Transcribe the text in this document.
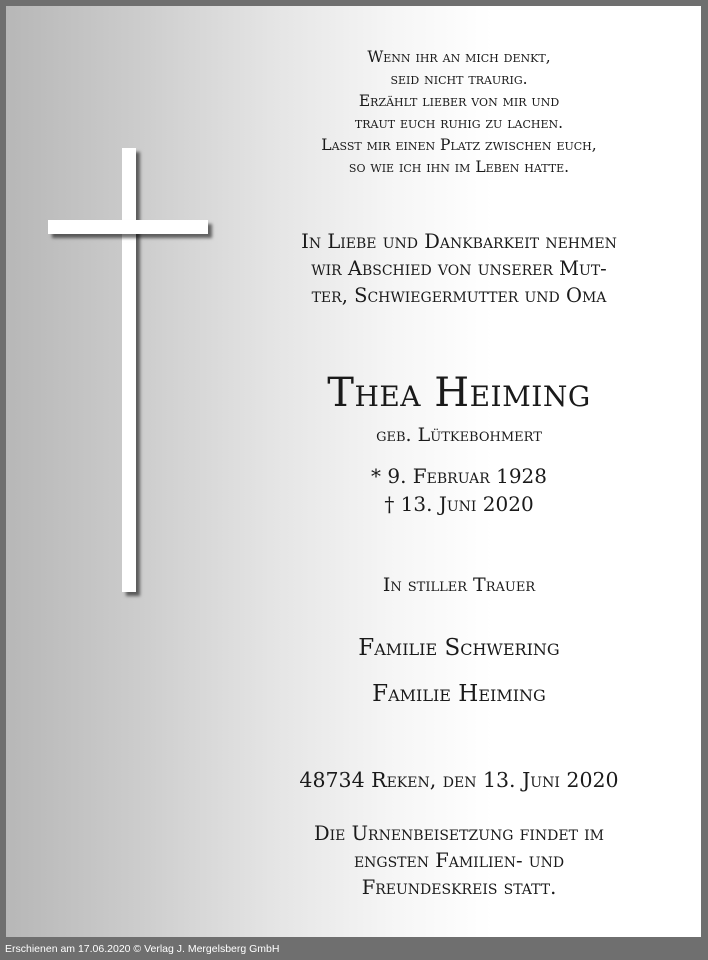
Wenn ihr an mich denkt,
seid nicht traurig.
Erzählt lieber von mir und
traut euch ruhig zu lachen.
Lasst mir einen Platz zwischen euch,
so wie ich ihn im Leben hatte.
In Liebe und Dankbarkeit nehmen
wir Abschied von unserer Mut-
ter, Schwiegermutter und Oma
Thea Heiming
geb. Lütkebohmert
* 9. Februar 1928
† 13. Juni 2020
In stiller Trauer
Familie Schwering
Familie Heiming
48734 Reken, den 13. Juni 2020
Die Urnenbeisetzung findet im
engsten Familien- und
Freundeskreis statt.
Erschienen am 17.06.2020 © Verlag J. Mergelsberg GmbH
